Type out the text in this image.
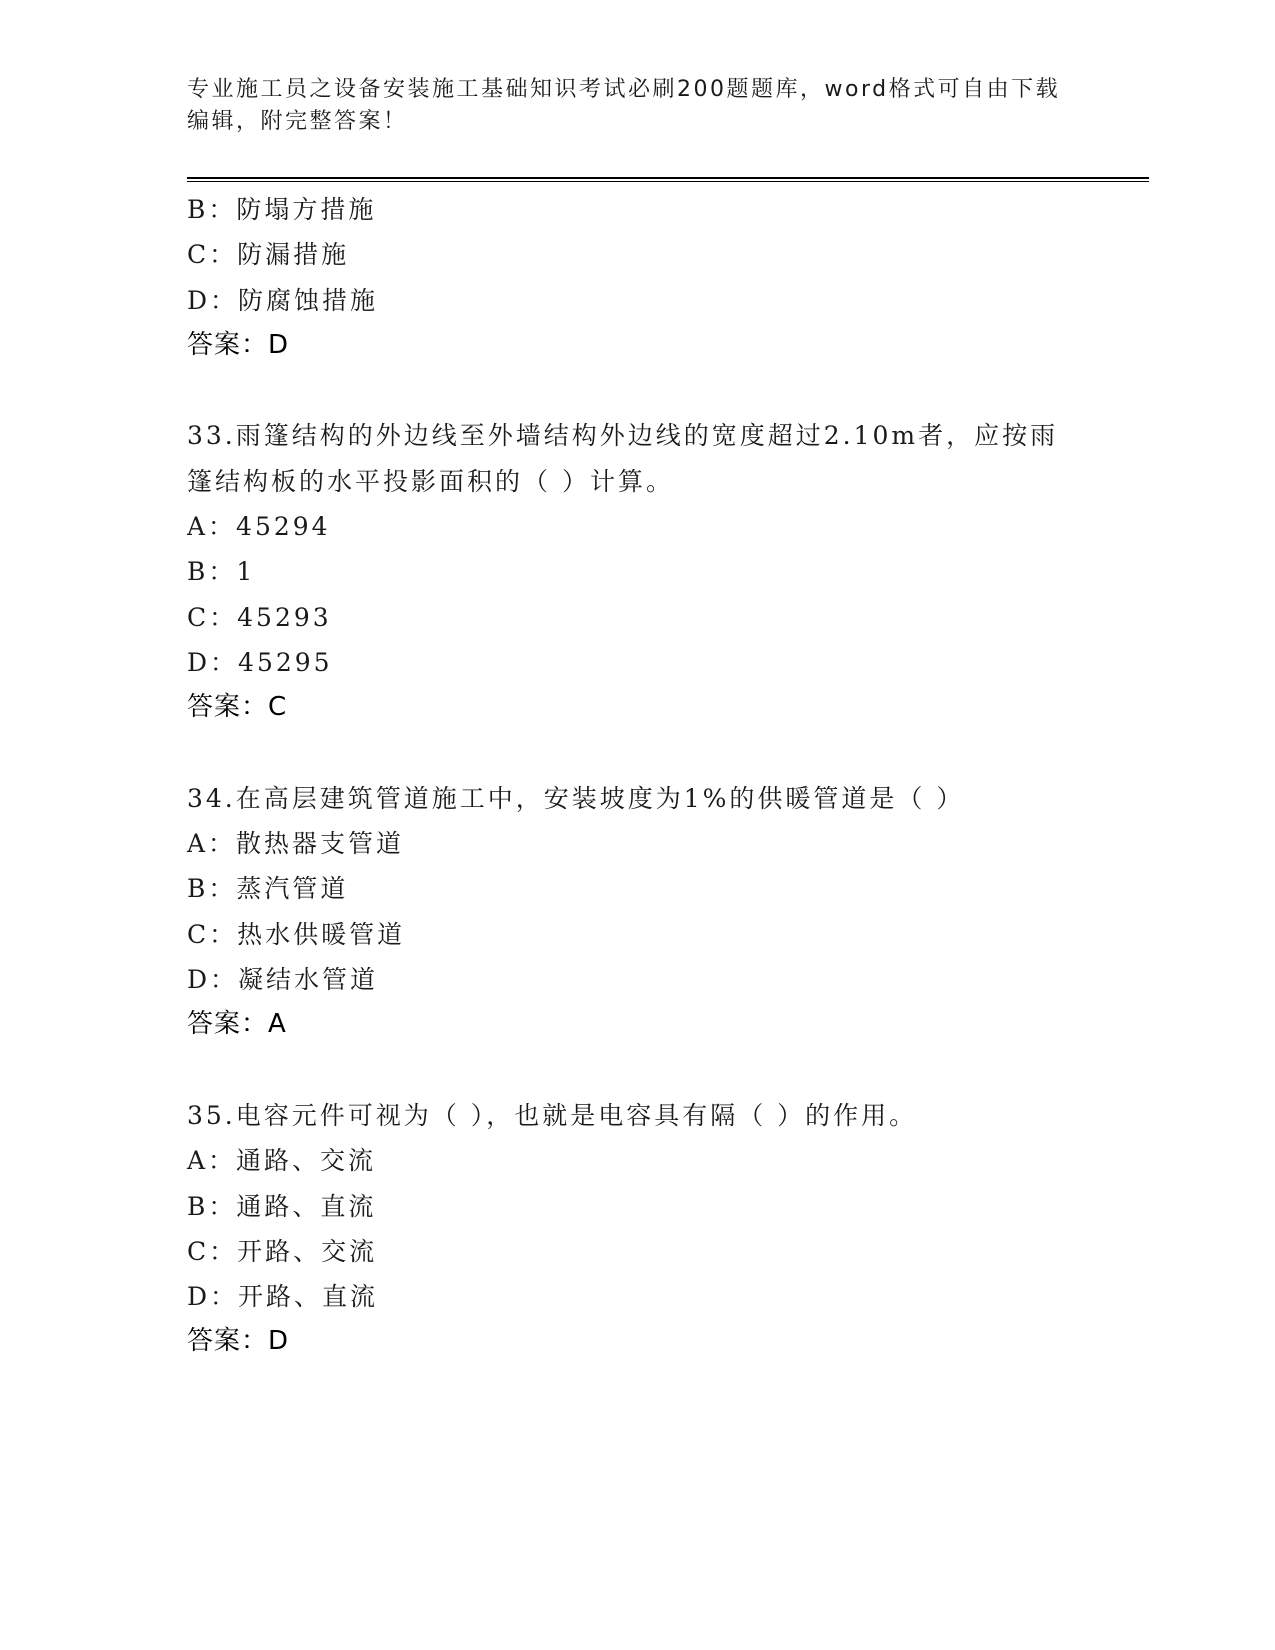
专业施工员之设备安装施工基础知识考试必刷200题题库，word格式可自由下载
编辑，附完整答案！
B：防塌方措施
C：防漏措施
D：防腐蚀措施
答案：D
33.雨篷结构的外边线至外墙结构外边线的宽度超过2.10m者，应按雨
篷结构板的水平投影面积的（ ）计算。
A：45294
B：1
C：45293
D：45295
答案：C
34.在高层建筑管道施工中，安装坡度为1%的供暖管道是（ ）
A：散热器支管道
B：蒸汽管道
C：热水供暖管道
D：凝结水管道
答案：A
35.电容元件可视为（ ），也就是电容具有隔（ ）的作用。
A：通路、交流
B：通路、直流
C：开路、交流
D：开路、直流
答案：D
